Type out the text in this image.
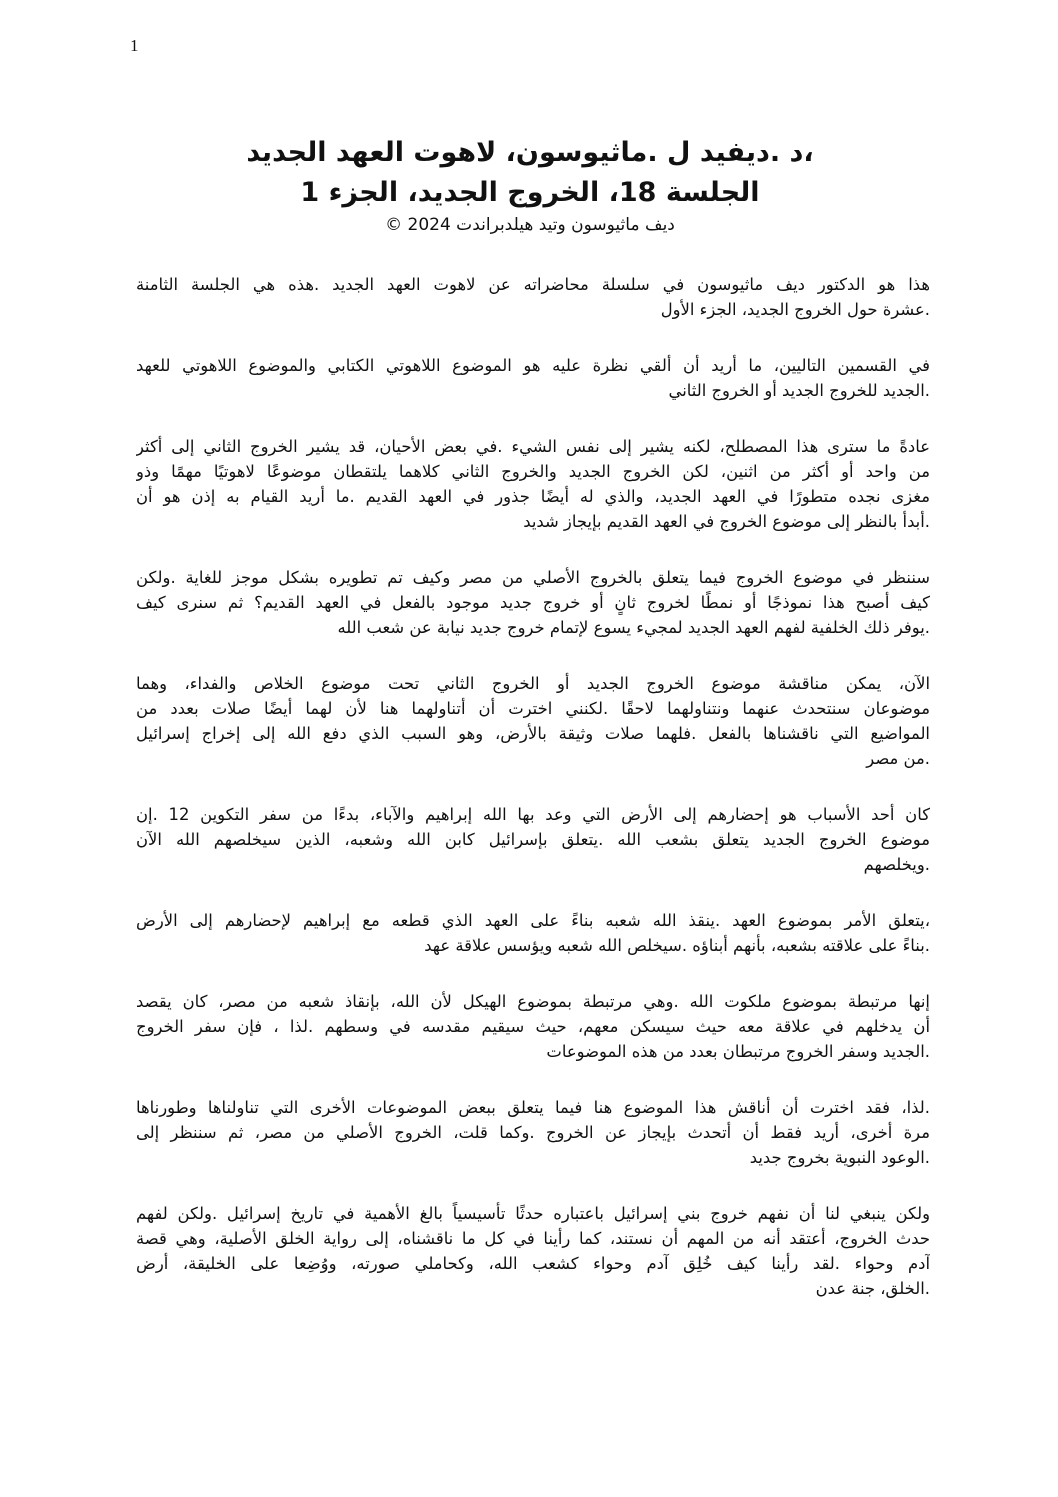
1
،د .ديفيد ل .ماثيوسون، لاهوت العهد الجديد
الجلسة 18، الخروج الجديد، الجزء 1
ديف ماثيوسون وتيد هيلدبراندت 2024 ©
هذا هو الدكتور ديف ماثيوسون في سلسلة محاضراته عن لاهوت العهد الجديد .هذه هي الجلسة الثامنة
.عشرة حول الخروج الجديد، الجزء الأول
في القسمين التاليين، ما أريد أن ألقي نظرة عليه هو الموضوع اللاهوتي الكتابي والموضوع اللاهوتي للعهد
.الجديد للخروج الجديد أو الخروج الثاني
عادةً ما سترى هذا المصطلح، لكنه يشير إلى نفس الشيء .في بعض الأحيان، قد يشير الخروج الثاني إلى أكثر
من واحد أو أكثر من اثنين، لكن الخروج الجديد والخروج الثاني كلاهما يلتقطان موضوعًا لاهوتيًا مهمًا وذو
مغزى نجده متطورًا في العهد الجديد، والذي له أيضًا جذور في العهد القديم .ما أريد القيام به إذن هو أن
.أبدأ بالنظر إلى موضوع الخروج في العهد القديم بإيجاز شديد
سننظر في موضوع الخروج فيما يتعلق بالخروج الأصلي من مصر وكيف تم تطويره بشكل موجز للغاية .ولكن
كيف أصبح هذا نموذجًا أو نمطًا لخروج ثانٍ أو خروج جديد موجود بالفعل في العهد القديم؟ ثم سنرى كيف
.يوفر ذلك الخلفية لفهم العهد الجديد لمجيء يسوع لإتمام خروج جديد نيابة عن شعب الله
الآن، يمكن مناقشة موضوع الخروج الجديد أو الخروج الثاني تحت موضوع الخلاص والفداء، وهما
موضوعان سنتحدث عنهما ونتناولهما لاحقًا .لكنني اخترت أن أتناولهما هنا لأن لهما أيضًا صلات بعدد من
المواضيع التي ناقشناها بالفعل .فلهما صلات وثيقة بالأرض، وهو السبب الذي دفع الله إلى إخراج إسرائيل
.من مصر
كان أحد الأسباب هو إحضارهم إلى الأرض التي وعد بها الله إبراهيم والآباء، بدءًا من سفر التكوين 12 .إن
موضوع الخروج الجديد يتعلق بشعب الله .يتعلق بإسرائيل كابن الله وشعبه، الذين سيخلصهم الله الآن
.ويخلصهم
،يتعلق الأمر بموضوع العهد .ينقذ الله شعبه بناءً على العهد الذي قطعه مع إبراهيم لإحضارهم إلى الأرض
.بناءً على علاقته بشعبه، بأنهم أبناؤه .سيخلص الله شعبه ويؤسس علاقة عهد
إنها مرتبطة بموضوع ملكوت الله .وهي مرتبطة بموضوع الهيكل لأن الله، بإنقاذ شعبه من مصر، كان يقصد
أن يدخلهم في علاقة معه حيث سيسكن معهم، حيث سيقيم مقدسه في وسطهم .لذا ، فإن سفر الخروج
.الجديد وسفر الخروج مرتبطان بعدد من هذه الموضوعات
.لذا، فقد اخترت أن أناقش هذا الموضوع هنا فيما يتعلق ببعض الموضوعات الأخرى التي تناولناها وطورناها
مرة أخرى، أريد فقط أن أتحدث بإيجاز عن الخروج .وكما قلت، الخروج الأصلي من مصر، ثم سننظر إلى
.الوعود النبوية بخروج جديد
ولكن ينبغي لنا أن نفهم خروج بني إسرائيل باعتباره حدثًا تأسيسياً بالغ الأهمية في تاريخ إسرائيل .ولكن لفهم
حدث الخروج، أعتقد أنه من المهم أن نستند، كما رأينا في كل ما ناقشناه، إلى رواية الخلق الأصلية، وهي قصة
آدم وحواء .لقد رأينا كيف خُلِق آدم وحواء كشعب الله، وكحاملي صورته، ووُضِعا على الخليقة، أرض
.الخلق، جنة عدن
